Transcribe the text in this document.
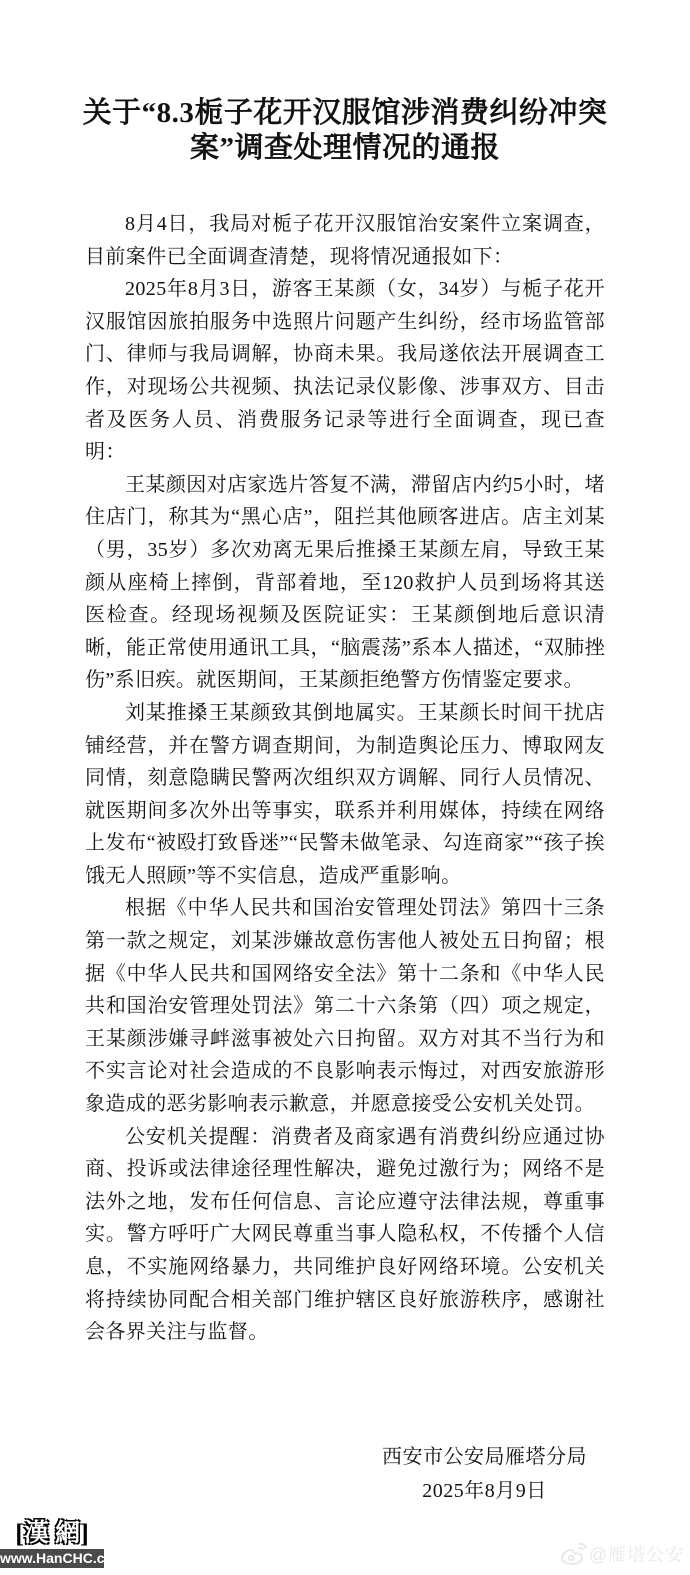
关于“8.3栀子花开汉服馆涉消费纠纷冲突
案”调查处理情况的通报

8月4日，我局对栀子花开汉服馆治安案件立案调查，目前案件已全面调查清楚，现将情况通报如下：

2025年8月3日，游客王某颜（女，34岁）与栀子花开汉服馆因旅拍服务中选照片问题产生纠纷，经市场监管部门、律师与我局调解，协商未果。我局遂依法开展调查工作，对现场公共视频、执法记录仪影像、涉事双方、目击者及医务人员、消费服务记录等进行全面调查，现已查明：

王某颜因对店家选片答复不满，滞留店内约5小时，堵住店门，称其为“黑心店”，阻拦其他顾客进店。店主刘某（男，35岁）多次劝离无果后推搡王某颜左肩，导致王某颜从座椅上摔倒，背部着地，至120救护人员到场将其送医检查。经现场视频及医院证实：王某颜倒地后意识清晰，能正常使用通讯工具，“脑震荡”系本人描述，“双肺挫伤”系旧疾。就医期间，王某颜拒绝警方伤情鉴定要求。

刘某推搡王某颜致其倒地属实。王某颜长时间干扰店铺经营，并在警方调查期间，为制造舆论压力、博取网友同情，刻意隐瞒民警两次组织双方调解、同行人员情况、就医期间多次外出等事实，联系并利用媒体，持续在网络上发布“被殴打致昏迷”“民警未做笔录、勾连商家”“孩子挨饿无人照顾”等不实信息，造成严重影响。

根据《中华人民共和国治安管理处罚法》第四十三条第一款之规定，刘某涉嫌故意伤害他人被处五日拘留；根据《中华人民共和国网络安全法》第十二条和《中华人民共和国治安管理处罚法》第二十六条第（四）项之规定，王某颜涉嫌寻衅滋事被处六日拘留。双方对其不当行为和不实言论对社会造成的不良影响表示悔过，对西安旅游形象造成的恶劣影响表示歉意，并愿意接受公安机关处罚。

公安机关提醒：消费者及商家遇有消费纠纷应通过协商、投诉或法律途径理性解决，避免过激行为；网络不是法外之地，发布任何信息、言论应遵守法律法规，尊重事实。警方呼吁广大网民尊重当事人隐私权，不传播个人信息，不实施网络暴力，共同维护良好网络环境。公安机关将持续协同配合相关部门维护辖区良好旅游秩序，感谢社会各界关注与监督。

西安市公安局雁塔分局
2025年8月9日
[ 漢 網 ]
www.HanCHC.com	@雁塔公安
